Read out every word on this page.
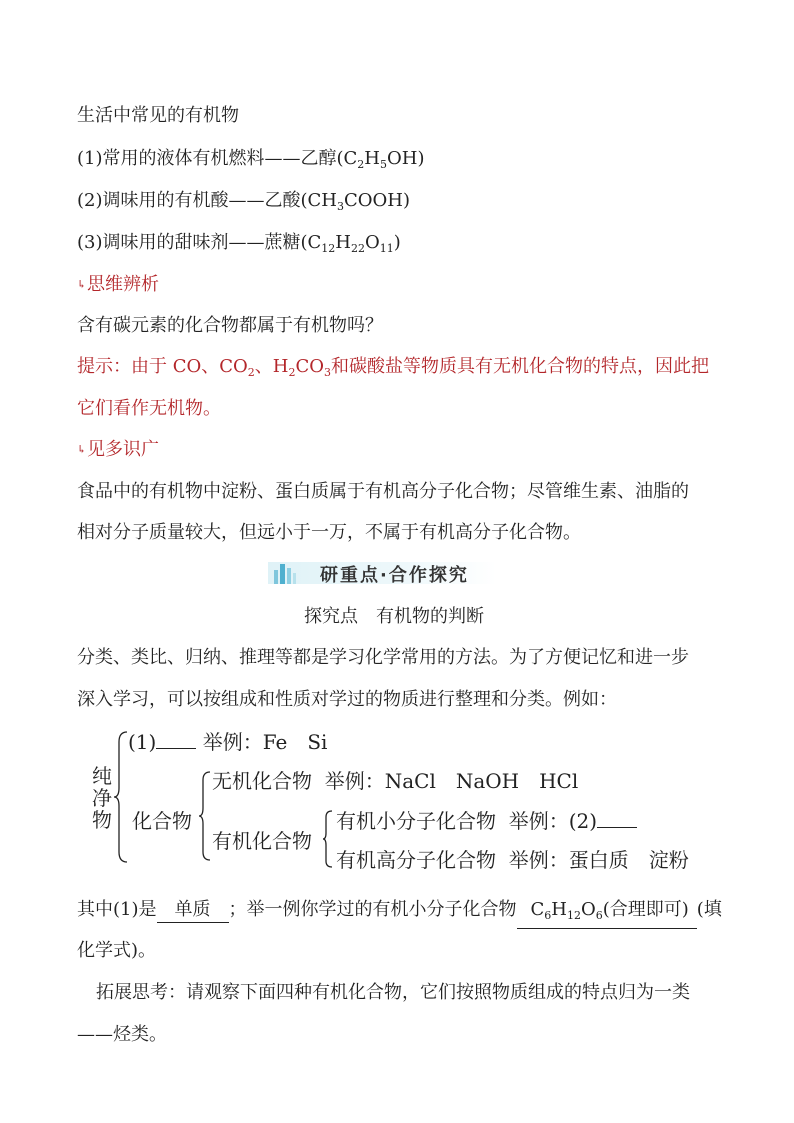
生活中常见的有机物
(1)常用的液体有机燃料——乙醇$(C_2H_5OH)$
(2)调味用的有机酸——乙酸$(CH_3COOH)$
(3)调味用的甜味剂——蔗糖$(C_{12}H_{22}O_{11})$
↳思维辨析
含有碳元素的化合物都属于有机物吗？
提示：由于 CO、$CO_2$、$H_2CO_3$和碳酸盐等物质具有无机化合物的特点，因此把
它们看作无机物。
↳见多识广
食品中的有机物中淀粉、蛋白质属于有机高分子化合物；尽管维生素、油脂的
相对分子质量较大，但远小于一万，不属于有机高分子化合物。
研重点·合作探究
探究点　有机物的判断
分类、类比、归纳、推理等都是学习化学常用的方法。为了方便记忆和进一步
深入学习，可以按组成和性质对学过的物质进行整理和分类。例如：
纯
净
物
(1) 举例：Fe　Si
化合物
无机化合物 举例：NaCl　NaOH　HCl
有机化合物
有机小分子化合物 举例：(2)
有机高分子化合物 举例：蛋白质　淀粉
其中(1)是 单质 ；举一例你学过的有机小分子化合物 $C_6H_{12}O_6$(合理即可) (填
化学式)。
拓展思考：请观察下面四种有机化合物，它们按照物质组成的特点归为一类
——烃类。
